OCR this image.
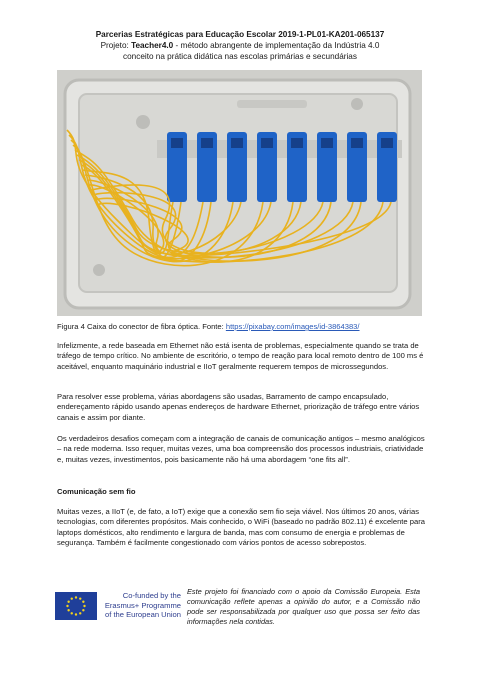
Parcerias Estratégicas para Educação Escolar 2019-1-PL01-KA201-065137
Projeto: Teacher4.0 - método abrangente de implementação da Indústria 4.0
conceito na prática didática nas escolas primárias e secundárias
Figura 4 Caixa do conector de fibra óptica. Fonte: https://pixabay.com/images/id-3864383/

Infelizmente, a rede baseada em Ethernet não está isenta de problemas, especialmente quando se trata de tráfego de tempo crítico. No ambiente de escritório, o tempo de reação para local remoto dentro de 100 ms é aceitável, enquanto maquinário industrial e IIoT geralmente requerem tempos de microssegundos.

Para resolver esse problema, várias abordagens são usadas, Barramento de campo encapsulado, endereçamento rápido usando apenas endereços de hardware Ethernet, priorização de tráfego entre vários canais e assim por diante.

Os verdadeiros desafios começam com a integração de canais de comunicação antigos – mesmo analógicos – na rede moderna. Isso requer, muitas vezes, uma boa compreensão dos processos industriais, criatividade e, muitas vezes, investimentos, pois basicamente não há uma abordagem “one fits all”.

Comunicação sem fio

Muitas vezes, a IIoT (e, de fato, a IoT) exige que a conexão sem fio seja viável. Nos últimos 20 anos, várias tecnologias, com diferentes propósitos. Mais conhecido, o WiFi (baseado no padrão 802.11) é excelente para laptops domésticos, alto rendimento e largura de banda, mas com consumo de energia e problemas de segurança. Também é facilmente congestionado com vários pontos de acesso sobrepostos.

Co-funded by the Erasmus+ Programme of the European Union

Este projeto foi financiado com o apoio da Comissão Europeia. Esta comunicação reflete apenas a opinião do autor, e a Comissão não pode ser responsabilizada por qualquer uso que possa ser feito das informações nela contidas.
